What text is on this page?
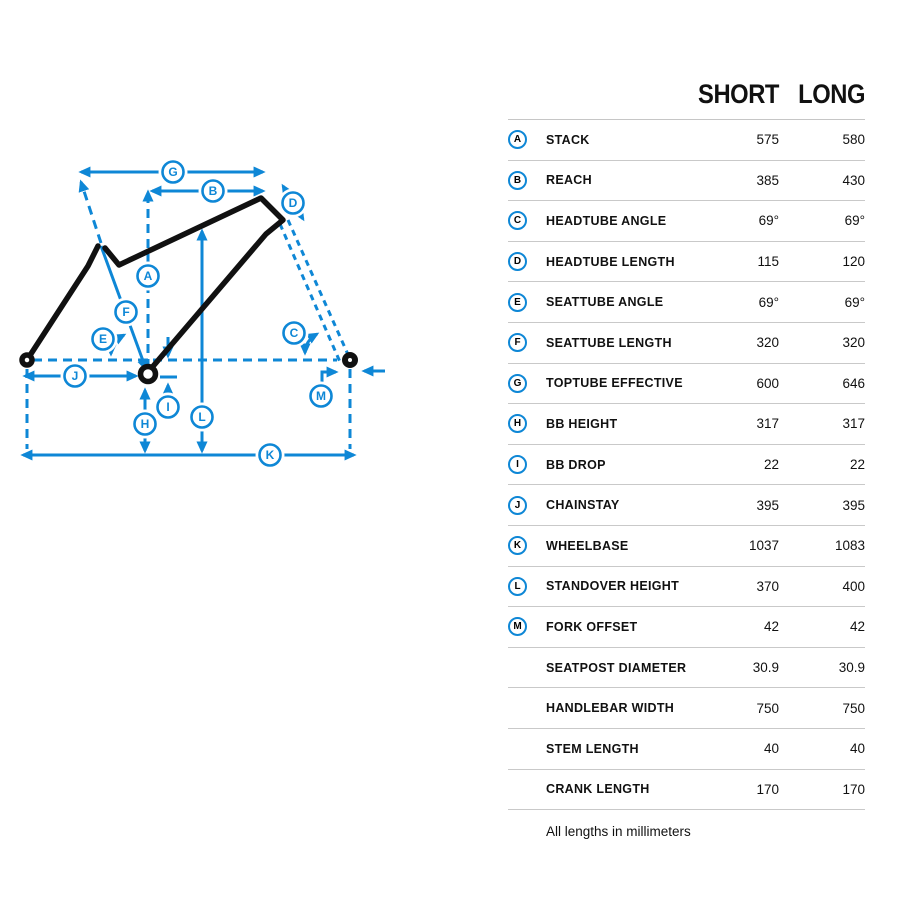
A
B
C
D
E
F
G
H
I
J
K
L
M
SHORT LONG
A	STACK	575	580
B	REACH	385	430
C	HEADTUBE ANGLE	69°	69°
D	HEADTUBE LENGTH	115	120
E	SEATTUBE ANGLE	69°	69°
F	SEATTUBE LENGTH	320	320
G	TOPTUBE EFFECTIVE	600	646
H	BB HEIGHT	317	317
I	BB DROP	22	22
J	CHAINSTAY	395	395
K	WHEELBASE	1037	1083
L	STANDOVER HEIGHT	370	400
M	FORK OFFSET	42	42
SEATPOST DIAMETER	30.9	30.9
HANDLEBAR WIDTH	750	750
STEM LENGTH	40	40
CRANK LENGTH	170	170
All lengths in millimeters
